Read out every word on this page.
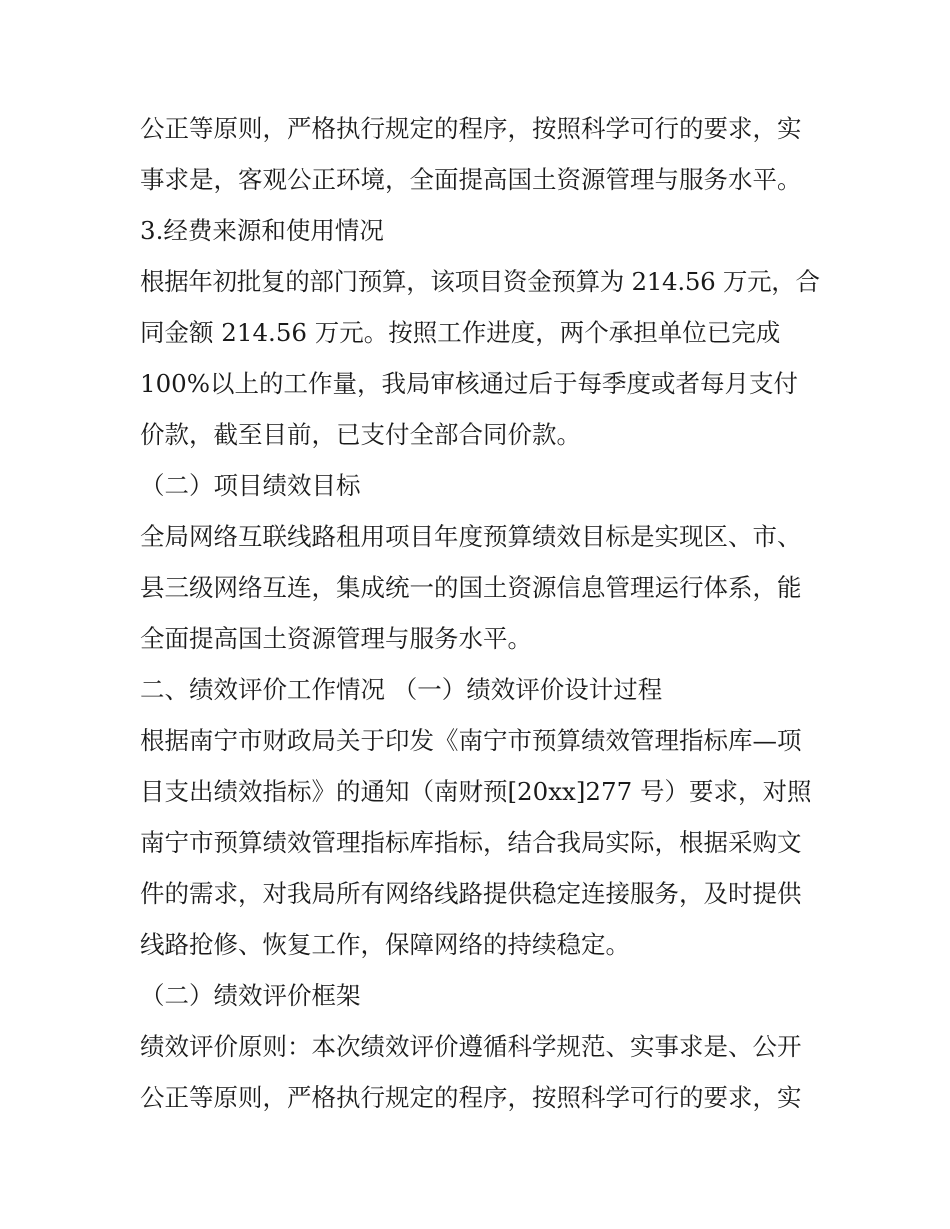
公正等原则，严格执行规定的程序，按照科学可行的要求，实
事求是，客观公正环境，全面提高国土资源管理与服务水平。
3.经费来源和使用情况
根据年初批复的部门预算，该项目资金预算为 214.56 万元，合
同金额 214.56 万元。按照工作进度，两个承担单位已完成
100%以上的工作量，我局审核通过后于每季度或者每月支付
价款，截至目前，已支付全部合同价款。
（二）项目绩效目标
全局网络互联线路租用项目年度预算绩效目标是实现区、市、
县三级网络互连，集成统一的国土资源信息管理运行体系，能
全面提高国土资源管理与服务水平。
二、绩效评价工作情况 （一）绩效评价设计过程
根据南宁市财政局关于印发《南宁市预算绩效管理指标库—项
目支出绩效指标》的通知（南财预[20xx]277 号）要求，对照
南宁市预算绩效管理指标库指标，结合我局实际，根据采购文
件的需求，对我局所有网络线路提供稳定连接服务，及时提供
线路抢修、恢复工作，保障网络的持续稳定。
（二）绩效评价框架
绩效评价原则：本次绩效评价遵循科学规范、实事求是、公开
公正等原则，严格执行规定的程序，按照科学可行的要求，实
